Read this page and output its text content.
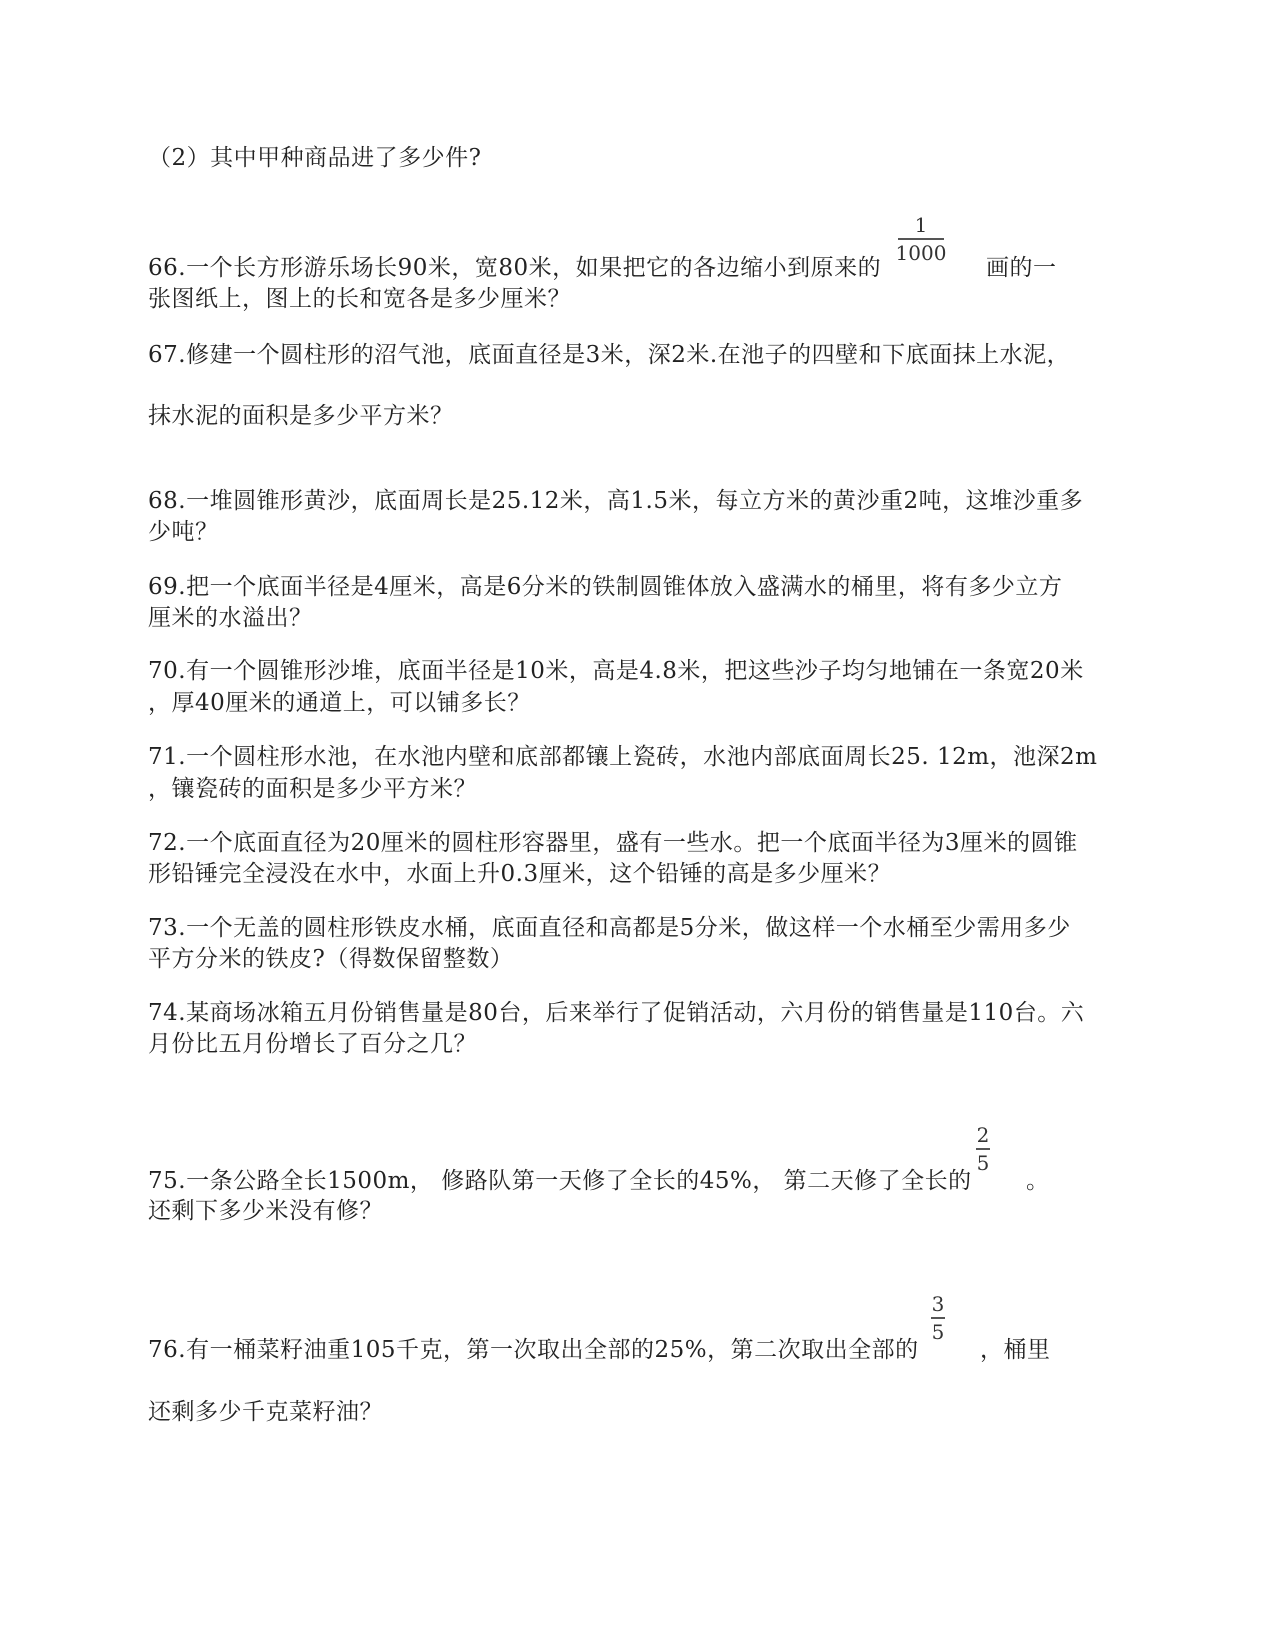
（2）其中甲种商品进了多少件?
66.一个长方形游乐场长90米，宽80米，如果把它的各边缩小到原来的
1
1000
画的一
张图纸上，图上的长和宽各是多少厘米？
67.修建一个圆柱形的沼气池，底面直径是3米，深2米.在池子的四壁和下底面抹上水泥，
抹水泥的面积是多少平方米？
68.一堆圆锥形黄沙，底面周长是25.12米，高1.5米，每立方米的黄沙重2吨，这堆沙重多
少吨？
69.把一个底面半径是4厘米，高是6分米的铁制圆锥体放入盛满水的桶里，将有多少立方
厘米的水溢出？
70.有一个圆锥形沙堆，底面半径是10米，高是4.8米，把这些沙子均匀地铺在一条宽20米
，厚40厘米的通道上，可以铺多长？
71.一个圆柱形水池，在水池内壁和底部都镶上瓷砖，水池内部底面周长25. 12m，池深2m
，镶瓷砖的面积是多少平方米？
72.一个底面直径为20厘米的圆柱形容器里，盛有一些水。把一个底面半径为3厘米的圆锥
形铅锤完全浸没在水中，水面上升0.3厘米，这个铅锤的高是多少厘米？
73.一个无盖的圆柱形铁皮水桶，底面直径和高都是5分米，做这样一个水桶至少需用多少
平方分米的铁皮?（得数保留整数）
74.某商场冰箱五月份销售量是80台，后来举行了促销活动，六月份的销售量是110台。六
月份比五月份增长了百分之几？
75.一条公路全长1500m， 修路队第一天修了全长的45%， 第二天修了全长的
2
5
。
还剩下多少米没有修？
76.有一桶菜籽油重105千克，第一次取出全部的25%，第二次取出全部的
3
5
，桶里
还剩多少千克菜籽油？
